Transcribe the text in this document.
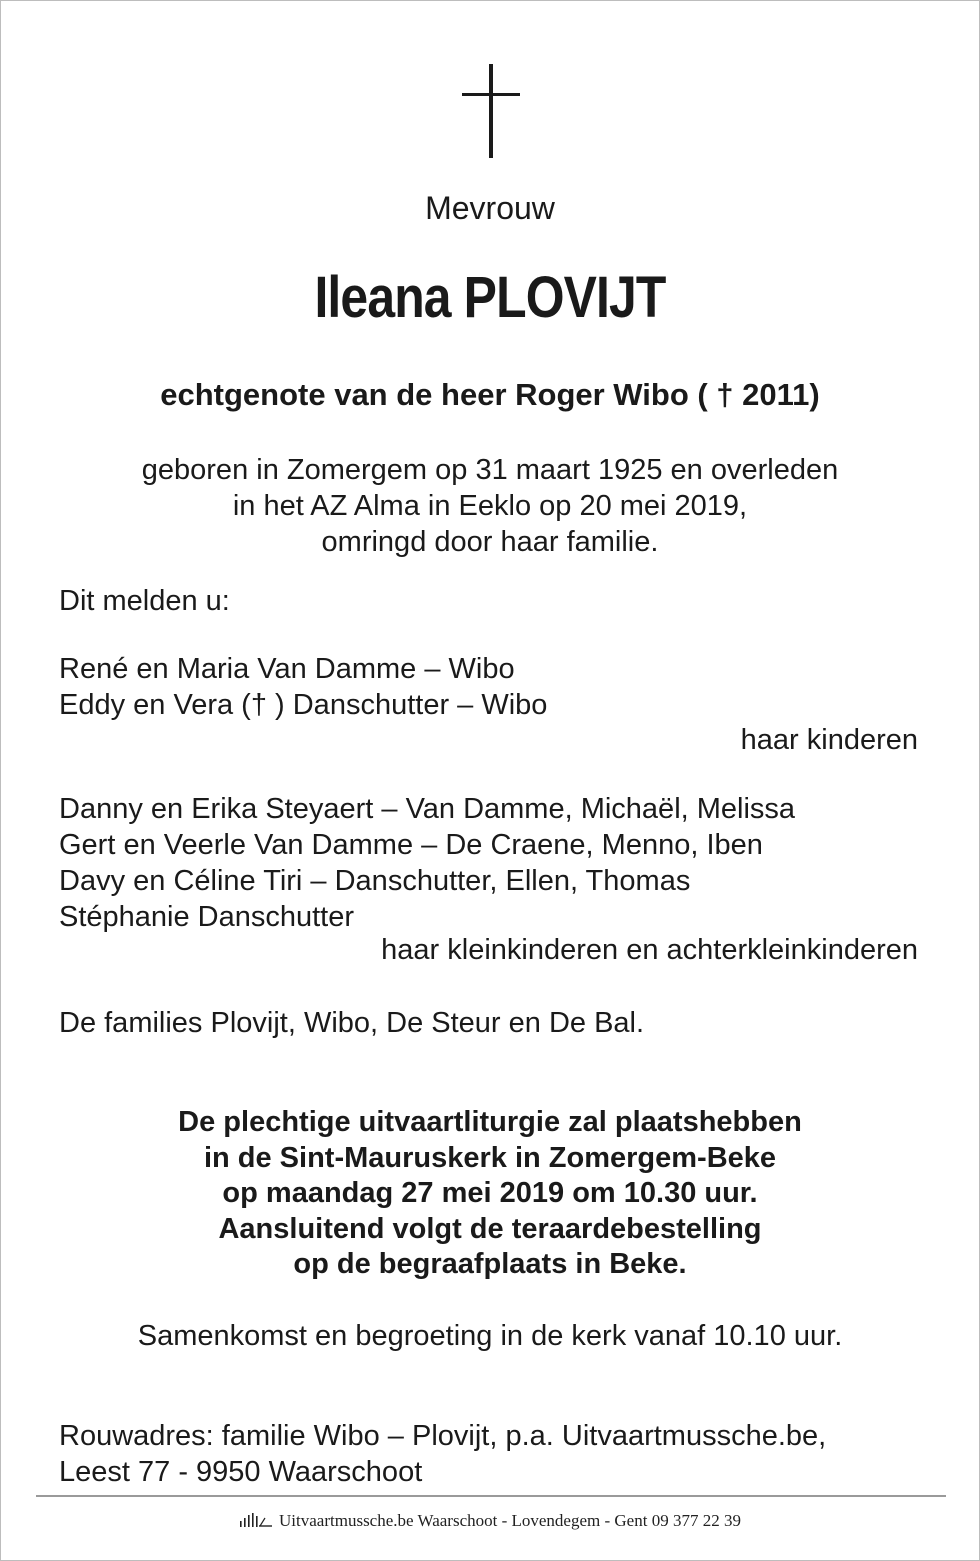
Mevrouw
Ileana PLOVIJT
echtgenote van de heer Roger Wibo ( † 2011)
geboren in Zomergem op 31 maart 1925 en overleden
in het AZ Alma in Eeklo op 20 mei 2019,
omringd door haar familie.
Dit melden u:
René en Maria Van Damme – Wibo
Eddy en Vera († ) Danschutter – Wibo
haar kinderen
Danny en Erika Steyaert – Van Damme, Michaël, Melissa
Gert en Veerle Van Damme – De Craene, Menno, Iben
Davy en Céline Tiri – Danschutter, Ellen, Thomas
Stéphanie Danschutter
haar kleinkinderen en achterkleinkinderen
De families Plovijt, Wibo, De Steur en De Bal.
De plechtige uitvaartliturgie zal plaatshebben
in de Sint-Mauruskerk in Zomergem-Beke
op maandag 27 mei 2019 om 10.30 uur.
Aansluitend volgt de teraardebestelling
op de begraafplaats in Beke.
Samenkomst en begroeting in de kerk vanaf 10.10 uur.
Rouwadres: familie Wibo – Plovijt, p.a. Uitvaartmussche.be,
Leest 77 - 9950 Waarschoot
Uitvaartmussche.be Waarschoot - Lovendegem - Gent 09 377 22 39
